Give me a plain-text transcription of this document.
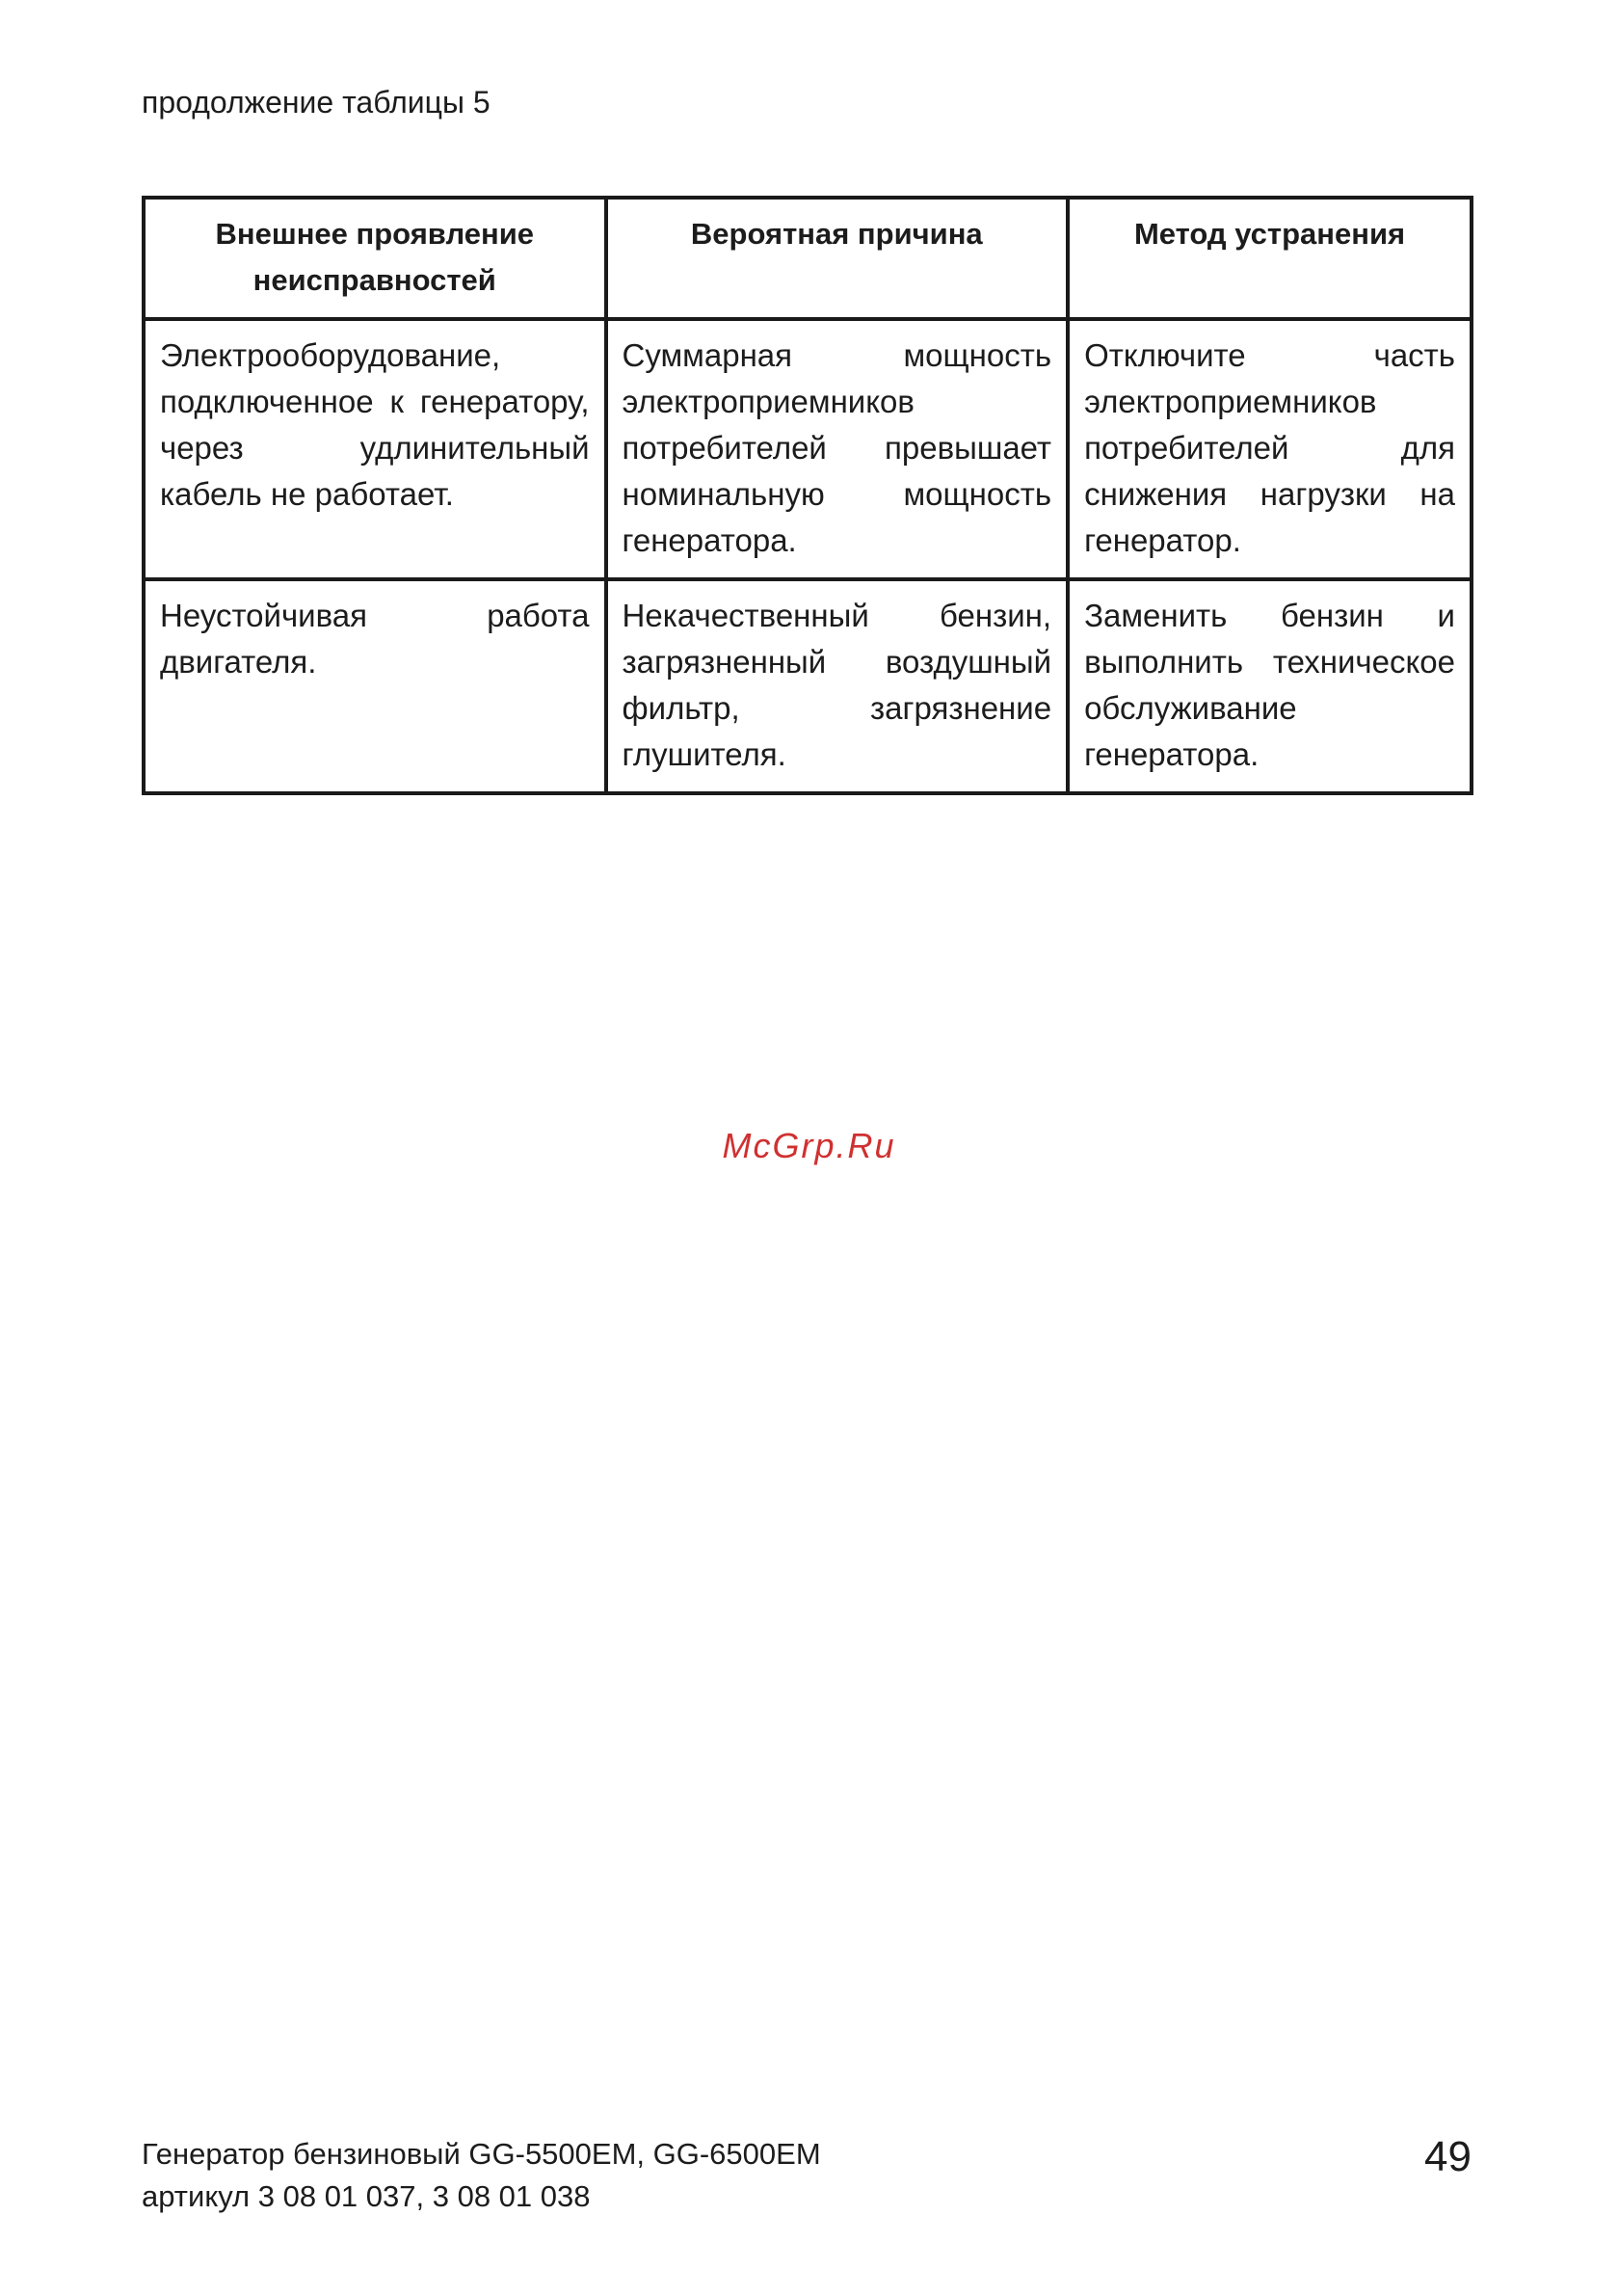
продолжение таблицы 5
Внешнее проявление неисправностей	Вероятная причина	Метод устранения
Электрооборудование, подключенное к генератору, через удлинительный кабель не работает.	Суммарная мощность электроприемников потребителей превышает номинальную мощность генератора.	Отключите часть электроприемников потребителей для снижения нагрузки на генератор.
Неустойчивая работа двигателя.	Некачественный бензин, загрязненный воздушный фильтр, загрязнение глушителя.	Заменить бензин и выполнить техническое обслуживание генератора.
McGrp.Ru
Генератор бензиновый GG-5500EM, GG-6500EM
артикул 3 08 01 037, 3 08 01 038
49
